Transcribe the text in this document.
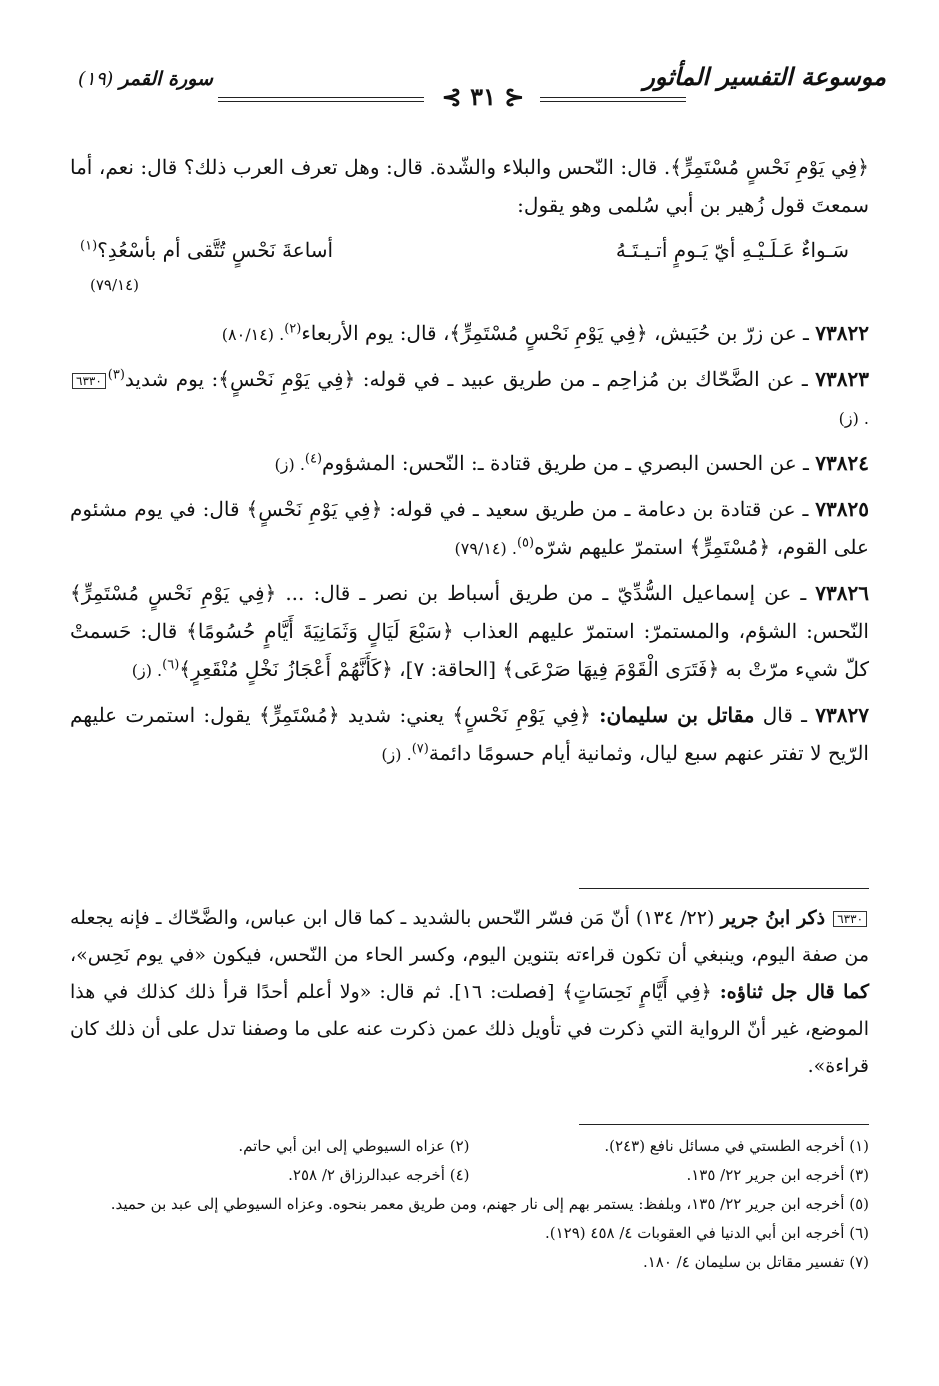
موسوعة التفسير المأثور
⊰ ٣١ ⊱
سورة القمر (١٩)

﴿فِي يَوْمِ نَحْسٍ مُسْتَمِرٍّ﴾. قال: النّحس والبلاء والشّدة. قال: وهل تعرف العرب ذلك؟ قال: نعم، أما سمعتَ قول زُهير بن أبي سُلمى وهو يقول:

سَـواءٌ عَـلَـيْـهِ أيّ يَـومٍ أتـيـتَـهُ
أساعةَ نَحْسٍ تُتَّقى أم بأسْعُدِ؟$^{(١)}$
(٧٩/١٤)

٧٣٨٢٢ ـ عن زرّ بن حُبَيش، ﴿فِي يَوْمِ نَحْسٍ مُسْتَمِرٍّ﴾، قال: يوم الأربعاء$^{(٢)}$. (٨٠/١٤)

٧٣٨٢٣ ـ عن الضَّحّاك بن مُزاحِم ـ من طريق عبيد ـ في قوله: ﴿فِي يَوْمِ نَحْسٍ﴾: يوم شديد$^{(٣)}$٦٣٣٠. (ز)

٧٣٨٢٤ ـ عن الحسن البصري ـ من طريق قتادة ـ: النّحس: المشؤوم$^{(٤)}$. (ز)

٧٣٨٢٥ ـ عن قتادة بن دعامة ـ من طريق سعيد ـ في قوله: ﴿فِي يَوْمِ نَحْسٍ﴾ قال: في يوم مشئوم على القوم، ﴿مُسْتَمِرٍّ﴾ استمرّ عليهم شرّه$^{(٥)}$. (٧٩/١٤)

٧٣٨٢٦ ـ عن إسماعيل السُّدِّيّ ـ من طريق أسباط بن نصر ـ قال: ... ﴿فِي يَوْمِ نَحْسٍ مُسْتَمِرٍّ﴾ النّحس: الشؤم، والمستمرّ: استمرّ عليهم العذاب ﴿سَبْعَ لَيَالٍ وَثَمَانِيَةَ أَيَّامٍ حُسُومًا﴾ قال: حَسمتْ كلّ شيء مرّتْ به ﴿فَتَرَى الْقَوْمَ فِيهَا صَرْعَى﴾ [الحاقة: ٧]، ﴿كَأَنَّهُمْ أَعْجَازُ نَخْلٍ مُنْقَعِرٍ﴾$^{(٦)}$. (ز)

٧٣٨٢٧ ـ قال مقاتل بن سليمان: ﴿فِي يَوْمِ نَحْسٍ﴾ يعني: شديد ﴿مُسْتَمِرٍّ﴾ يقول: استمرت عليهم الرّيح لا تفتر عنهم سبع ليال، وثمانية أيام حسومًا دائمة$^{(٧)}$. (ز)

٦٣٣٠ ذكر ابنُ جرير (٢٢/ ١٣٤) أنّ مَن فسّر النّحس بالشديد ـ كما قال ابن عباس، والضَّحّاك ـ فإنه يجعله من صفة اليوم، وينبغي أن تكون قراءته بتنوين اليوم، وكسر الحاء من النّحس، فيكون «في يوم نَحِس»، كما قال جل ثناؤه: ﴿فِي أَيَّامٍ نَحِسَاتٍ﴾ [فصلت: ١٦]. ثم قال: «ولا أعلم أحدًا قرأ ذلك كذلك في هذا الموضع، غير أنّ الرواية التي ذكرت في تأويل ذلك عمن ذكرت عنه على ما وصفنا تدل على أن ذلك كان قراءة».
(١) أخرجه الطستي في مسائل نافع (٢٤٣).
(٢) عزاه السيوطي إلى ابن أبي حاتم.
(٣) أخرجه ابن جرير ٢٢/ ١٣٥.
(٤) أخرجه عبدالرزاق ٢/ ٢٥٨.
(٥) أخرجه ابن جرير ٢٢/ ١٣٥، وبلفظ: يستمر بهم إلى نار جهنم، ومن طريق معمر بنحوه. وعزاه السيوطي إلى عبد بن حميد.
(٦) أخرجه ابن أبي الدنيا في العقوبات ٤/ ٤٥٨ (١٢٩).
(٧) تفسير مقاتل بن سليمان ٤/ ١٨٠.
